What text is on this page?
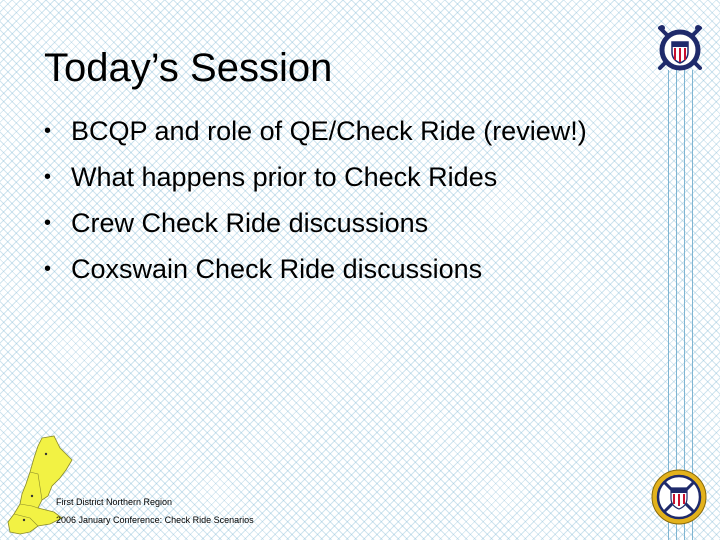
Today’s Session
• BCQP and role of QE/Check Ride (review!)
• What happens prior to Check Rides
• Crew Check Ride discussions
• Coxswain Check Ride discussions
First District Northern Region
2006 January Conference: Check Ride Scenarios
